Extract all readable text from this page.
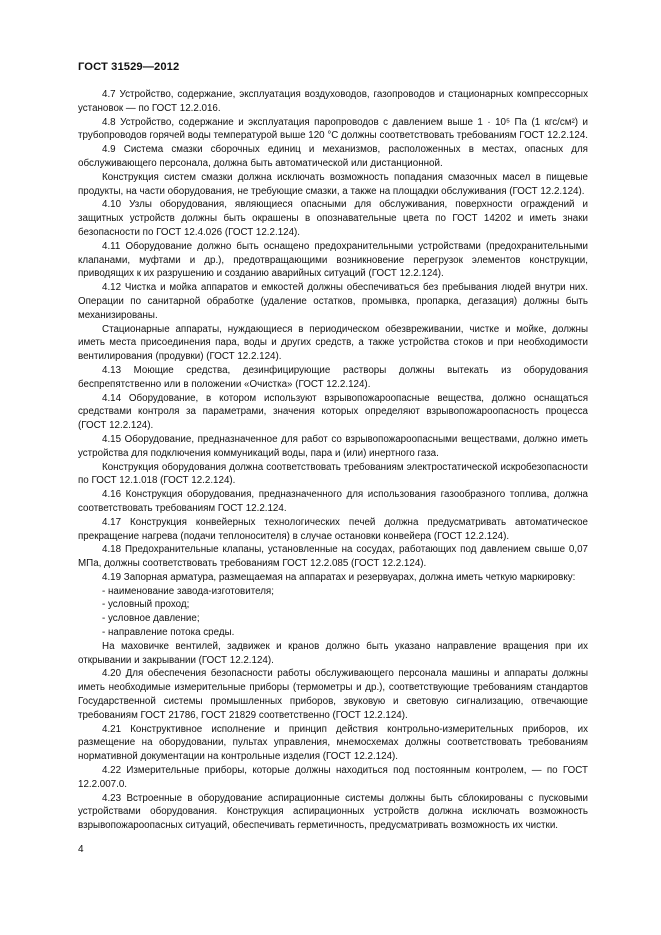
ГОСТ 31529—2012

4.7 Устройство, содержание, эксплуатация воздуховодов, газопроводов и стационарных компрессорных установок — по ГОСТ 12.2.016.

4.8 Устройство, содержание и эксплуатация паропроводов с давлением выше 1 · 10⁵ Па (1 кгс/см²) и трубопроводов горячей воды температурой выше 120 °С должны соответствовать требованиям ГОСТ 12.2.124.

4.9 Система смазки сборочных единиц и механизмов, расположенных в местах, опасных для обслуживающего персонала, должна быть автоматической или дистанционной.

Конструкция систем смазки должна исключать возможность попадания смазочных масел в пищевые продукты, на части оборудования, не требующие смазки, а также на площадки обслуживания (ГОСТ 12.2.124).

4.10 Узлы оборудования, являющиеся опасными для обслуживания, поверхности ограждений и защитных устройств должны быть окрашены в опознавательные цвета по ГОСТ 14202 и иметь знаки безопасности по ГОСТ 12.4.026 (ГОСТ 12.2.124).

4.11 Оборудование должно быть оснащено предохранительными устройствами (предохранительными клапанами, муфтами и др.), предотвращающими возникновение перегрузок элементов конструкции, приводящих к их разрушению и созданию аварийных ситуаций (ГОСТ 12.2.124).

4.12 Чистка и мойка аппаратов и емкостей должны обеспечиваться без пребывания людей внутри них. Операции по санитарной обработке (удаление остатков, промывка, пропарка, дегазация) должны быть механизированы.

Стационарные аппараты, нуждающиеся в периодическом обезвреживании, чистке и мойке, должны иметь места присоединения пара, воды и других средств, а также устройства стоков и при необходимости вентилирования (продувки) (ГОСТ 12.2.124).

4.13 Моющие средства, дезинфицирующие растворы должны вытекать из оборудования беспрепятственно или в положении «Очистка» (ГОСТ 12.2.124).

4.14 Оборудование, в котором используют взрывопожароопасные вещества, должно оснащаться средствами контроля за параметрами, значения которых определяют взрывопожароопасность процесса (ГОСТ 12.2.124).

4.15 Оборудование, предназначенное для работ со взрывопожароопасными веществами, должно иметь устройства для подключения коммуникаций воды, пара и (или) инертного газа.

Конструкция оборудования должна соответствовать требованиям электростатической искробезопасности по ГОСТ 12.1.018 (ГОСТ 12.2.124).

4.16 Конструкция оборудования, предназначенного для использования газообразного топлива, должна соответствовать требованиям ГОСТ 12.2.124.

4.17 Конструкция конвейерных технологических печей должна предусматривать автоматическое прекращение нагрева (подачи теплоносителя) в случае остановки конвейера (ГОСТ 12.2.124).

4.18 Предохранительные клапаны, установленные на сосудах, работающих под давлением свыше 0,07 МПа, должны соответствовать требованиям ГОСТ 12.2.085 (ГОСТ 12.2.124).

4.19 Запорная арматура, размещаемая на аппаратах и резервуарах, должна иметь четкую маркировку:

- наименование завода-изготовителя;

- условный проход;

- условное давление;

- направление потока среды.

На маховичке вентилей, задвижек и кранов должно быть указано направление вращения при их открывании и закрывании (ГОСТ 12.2.124).

4.20 Для обеспечения безопасности работы обслуживающего персонала машины и аппараты должны иметь необходимые измерительные приборы (термометры и др.), соответствующие требованиям стандартов Государственной системы промышленных приборов, звуковую и световую сигнализацию, отвечающие требованиям ГОСТ 21786, ГОСТ 21829 соответственно (ГОСТ 12.2.124).

4.21 Конструктивное исполнение и принцип действия контрольно-измерительных приборов, их размещение на оборудовании, пультах управления, мнемосхемах должны соответствовать требованиям нормативной документации на контрольные изделия (ГОСТ 12.2.124).

4.22 Измерительные приборы, которые должны находиться под постоянным контролем, — по ГОСТ 12.2.007.0.

4.23 Встроенные в оборудование аспирационные системы должны быть сблокированы с пусковыми устройствами оборудования. Конструкция аспирационных устройств должна исключать возможность взрывопожароопасных ситуаций, обеспечивать герметичность, предусматривать возможность их чистки.

4
